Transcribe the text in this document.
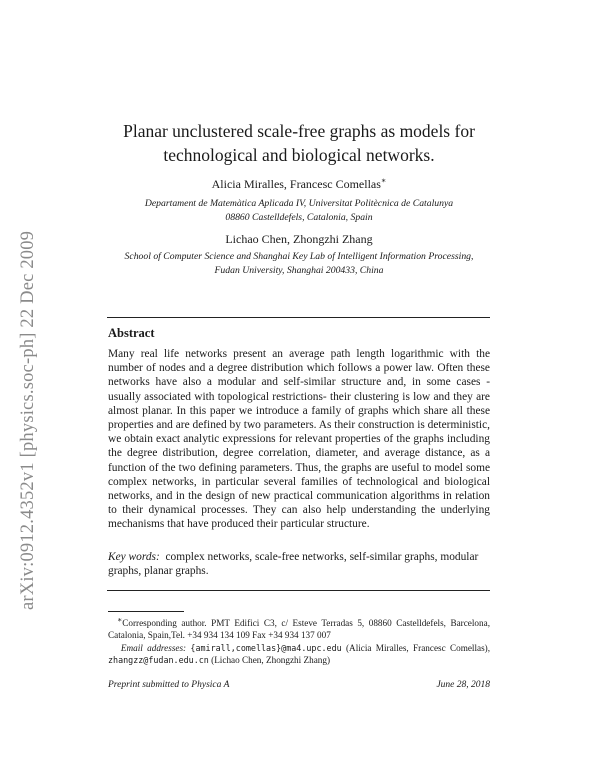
arXiv:0912.4352v1 [physics.soc-ph] 22 Dec 2009
Planar unclustered scale-free graphs as models for
technological and biological networks.
Alicia Miralles, Francesc Comellas∗
Departament de Matemàtica Aplicada IV, Universitat Politècnica de Catalunya
08860 Castelldefels, Catalonia, Spain
Lichao Chen, Zhongzhi Zhang
School of Computer Science and Shanghai Key Lab of Intelligent Information Processing,
Fudan University, Shanghai 200433, China
Abstract
Many real life networks present an average path length logarithmic with the number of nodes and a degree distribution which follows a power law. Often these networks have also a modular and self-similar structure and, in some cases - usually associated with topological restrictions- their clustering is low and they are almost planar. In this paper we introduce a family of graphs which share all these properties and are defined by two parameters. As their construction is deterministic, we obtain exact analytic expressions for relevant properties of the graphs including the degree distribution, degree correlation, diameter, and average distance, as a function of the two defining parameters. Thus, the graphs are useful to model some complex networks, in particular several families of technological and biological networks, and in the design of new practical communication algorithms in relation to their dynamical processes. They can also help understanding the underlying mechanisms that have produced their particular structure.
Key words: complex networks, scale-free networks, self-similar graphs, modular graphs, planar graphs.
∗Corresponding author. PMT Edifici C3, c/ Esteve Terradas 5, 08860 Castelldefels, Barcelona, Catalonia, Spain,Tel. +34 934 134 109 Fax +34 934 137 007
Email addresses: {amirall,comellas}@ma4.upc.edu (Alicia Miralles, Francesc Comellas), zhangzz@fudan.edu.cn (Lichao Chen, Zhongzhi Zhang)
Preprint submitted to Physica A	June 28, 2018
